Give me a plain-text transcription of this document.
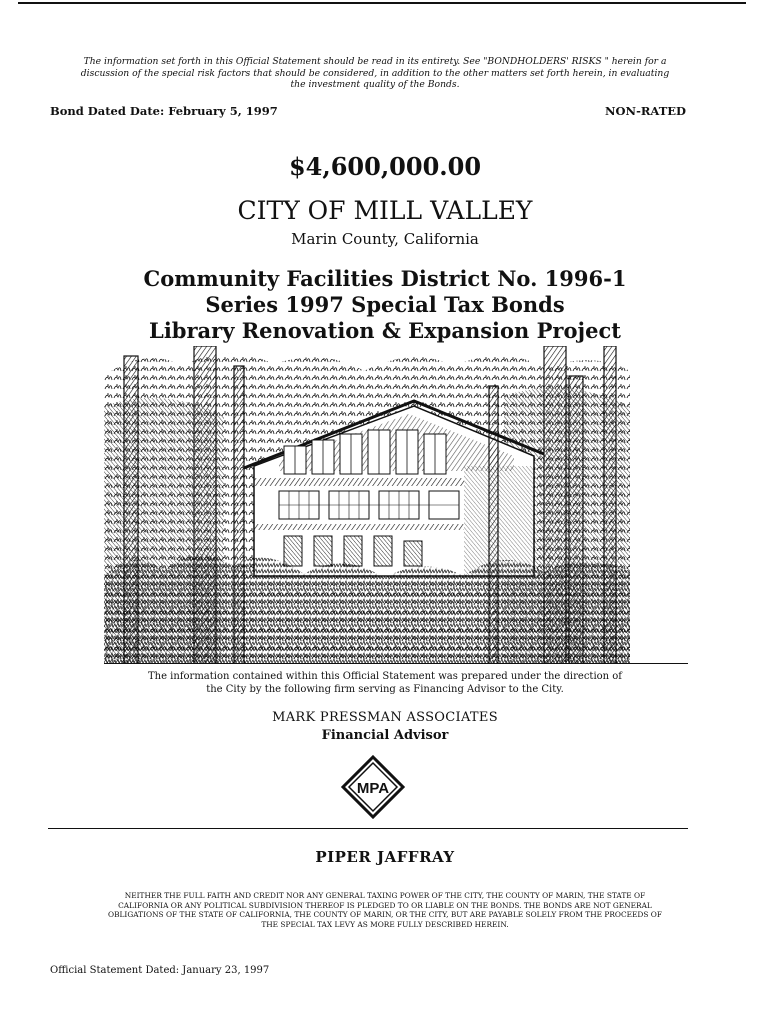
The information set forth in this Official Statement should be read in its entirety. See "BONDHOLDERS' RISKS " herein for a
discussion of the special risk factors that should be considered, in addition to the other matters set forth herein, in evaluating
the investment quality of the Bonds.
Bond Dated Date: February 5, 1997	NON-RATED
$4,600,000.00
CITY OF MILL VALLEY
Marin County, California
Community Facilities District No. 1996-1
Series 1997 Special Tax Bonds
Library Renovation & Expansion Project
The information contained within this Official Statement was prepared under the direction of
the City by the following firm serving as Financing Advisor to the City.
MARK PRESSMAN ASSOCIATES
Financial Advisor
MPA
PIPER JAFFRAY
NEITHER THE FULL FAITH AND CREDIT NOR ANY GENERAL TAXING POWER OF THE CITY, THE COUNTY OF MARIN, THE STATE OF
CALIFORNIA OR ANY POLITICAL SUBDIVISION THEREOF IS PLEDGED TO OR LIABLE ON THE BONDS. THE BONDS ARE NOT GENERAL
OBLIGATIONS OF THE STATE OF CALIFORNIA, THE COUNTY OF MARIN, OR THE CITY, BUT ARE PAYABLE SOLELY FROM THE PROCEEDS OF
THE SPECIAL TAX LEVY AS MORE FULLY DESCRIBED HEREIN.
Official Statement Dated: January 23, 1997
